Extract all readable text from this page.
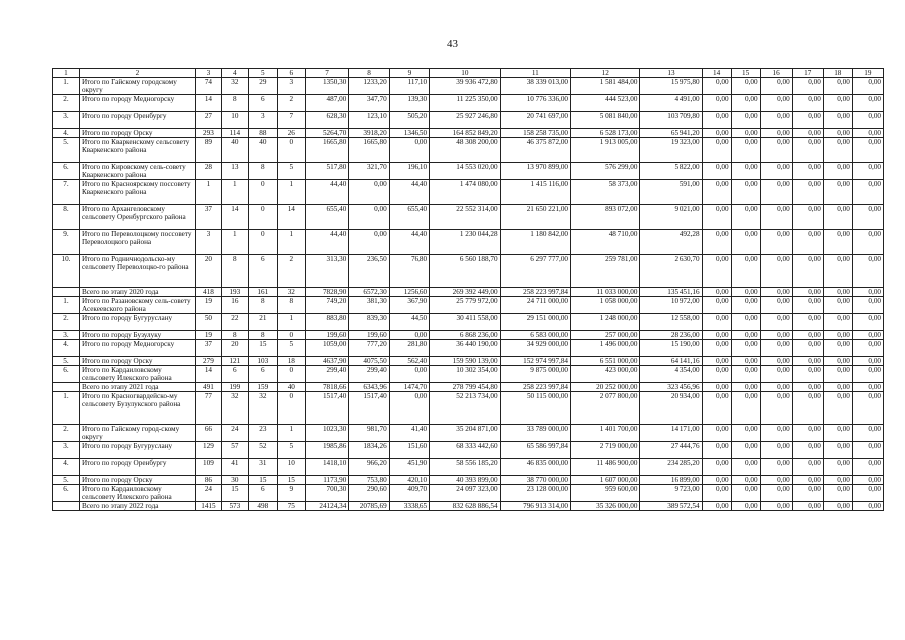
43
1	2	3	4	5	6	7	8	9	10	11	12	13	14	15	16	17	18	19
1.	Итого по Гайскому городскому округу	74	32	29	3	1350,30	1233,20	117,10	39 936 472,80	38 339 013,00	1 581 484,00	15 975,80	0,00	0,00	0,00	0,00	0,00	0,00
2.	Итого по городу Медногорску	14	8	6	2	487,00	347,70	139,30	11 225 350,00	10 776 336,00	444 523,00	4 491,00	0,00	0,00	0,00	0,00	0,00	0,00
3.	Итого по городу Оренбургу	27	10	3	7	628,30	123,10	505,20	25 927 246,80	20 741 697,00	5 081 840,00	103 709,80	0,00	0,00	0,00	0,00	0,00	0,00
4.	Итого по городу Орску	293	114	88	26	5264,70	3918,20	1346,50	164 852 849,20	158 258 735,00	6 528 173,00	65 941,20	0,00	0,00	0,00	0,00	0,00	0,00
5.	Итого по Кваркенскому сельсовету Кваркенского района	89	40	40	0	1665,80	1665,80	0,00	48 308 200,00	46 375 872,00	1 913 005,00	19 323,00	0,00	0,00	0,00	0,00	0,00	0,00
6.	Итого по Кировскому сель-совету Кваркенского района	28	13	8	5	517,80	321,70	196,10	14 553 020,00	13 970 899,00	576 299,00	5 822,00	0,00	0,00	0,00	0,00	0,00	0,00
7.	Итого по Красноярскому поссовету Кваркенского района	1	1	0	1	44,40	0,00	44,40	1 474 080,00	1 415 116,00	58 373,00	591,00	0,00	0,00	0,00	0,00	0,00	0,00
8.	Итого по Архангеловскому сельсовету Оренбургского района	37	14	0	14	655,40	0,00	655,40	22 552 314,00	21 650 221,00	893 072,00	9 021,00	0,00	0,00	0,00	0,00	0,00	0,00
9.	Итого по Переволоцкому поссовету Переволоцкого района	3	1	0	1	44,40	0,00	44,40	1 230 044,28	1 180 842,00	48 710,00	492,28	0,00	0,00	0,00	0,00	0,00	0,00
10.	Итого по Родничнодольско-му сельсовету Переволоцко-го района	20	8	6	2	313,30	236,50	76,80	6 560 188,70	6 297 777,00	259 781,00	2 630,70	0,00	0,00	0,00	0,00	0,00	0,00
	Всего по этапу 2020 года	418	193	161	32	7828,90	6572,30	1256,60	269 392 449,00	258 223 997,84	11 033 000,00	135 451,16	0,00	0,00	0,00	0,00	0,00	0,00
1.	Итого по Разановскому сель-совету Асекеевского района	19	16	8	8	749,20	381,30	367,90	25 779 972,00	24 711 000,00	1 058 000,00	10 972,00	0,00	0,00	0,00	0,00	0,00	0,00
2.	Итого по городу Бугуруслану	50	22	21	1	883,80	839,30	44,50	30 411 558,00	29 151 000,00	1 248 000,00	12 558,00	0,00	0,00	0,00	0,00	0,00	0,00
3.	Итого по городу Бузулуку	19	8	8	0	199,60	199,60	0,00	6 868 236,00	6 583 000,00	257 000,00	28 236,00	0,00	0,00	0,00	0,00	0,00	0,00
4.	Итого по городу Медногорску	37	20	15	5	1059,00	777,20	281,80	36 440 190,00	34 929 000,00	1 496 000,00	15 190,00	0,00	0,00	0,00	0,00	0,00	0,00
5.	Итого по городу Орску	279	121	103	18	4637,90	4075,50	562,40	159 590 139,00	152 974 997,84	6 551 000,00	64 141,16	0,00	0,00	0,00	0,00	0,00	0,00
6.	Итого по Кардаиловскому сельсовету Илекского района	14	6	6	0	299,40	299,40	0,00	10 302 354,00	9 875 000,00	423 000,00	4 354,00	0,00	0,00	0,00	0,00	0,00	0,00
	Всего по этапу 2021 года	491	199	159	40	7818,66	6343,96	1474,70	278 799 454,80	258 223 997,84	20 252 000,00	323 456,96	0,00	0,00	0,00	0,00	0,00	0,00
1.	Итого по Красногвардейско-му сельсовету Бузулукского района	77	32	32	0	1517,40	1517,40	0,00	52 213 734,00	50 115 000,00	2 077 800,00	20 934,00	0,00	0,00	0,00	0,00	0,00	0,00
2.	Итого по Гайскому город-скому округу	66	24	23	1	1023,30	981,70	41,40	35 204 871,00	33 789 000,00	1 401 700,00	14 171,00	0,00	0,00	0,00	0,00	0,00	0,00
3.	Итого по городу Бугуруслану	129	57	52	5	1985,86	1834,26	151,60	68 333 442,60	65 586 997,84	2 719 000,00	27 444,76	0,00	0,00	0,00	0,00	0,00	0,00
4.	Итого по городу Оренбургу	109	41	31	10	1418,10	966,20	451,90	58 556 185,20	46 835 000,00	11 486 900,00	234 285,20	0,00	0,00	0,00	0,00	0,00	0,00
5.	Итого по городу Орску	86	30	15	15	1173,90	753,80	420,10	40 393 899,00	38 770 000,00	1 607 000,00	16 899,00	0,00	0,00	0,00	0,00	0,00	0,00
6.	Итого по Кардаиловскому сельсовету Илекского района	24	15	6	9	700,30	290,60	409,70	24 097 323,00	23 128 000,00	959 600,00	9 723,00	0,00	0,00	0,00	0,00	0,00	0,00
	Всего по этапу 2022 года	1415	573	498	75	24124,34	20785,69	3338,65	832 628 886,54	796 913 314,00	35 326 000,00	389 572,54	0,00	0,00	0,00	0,00	0,00	0,00
